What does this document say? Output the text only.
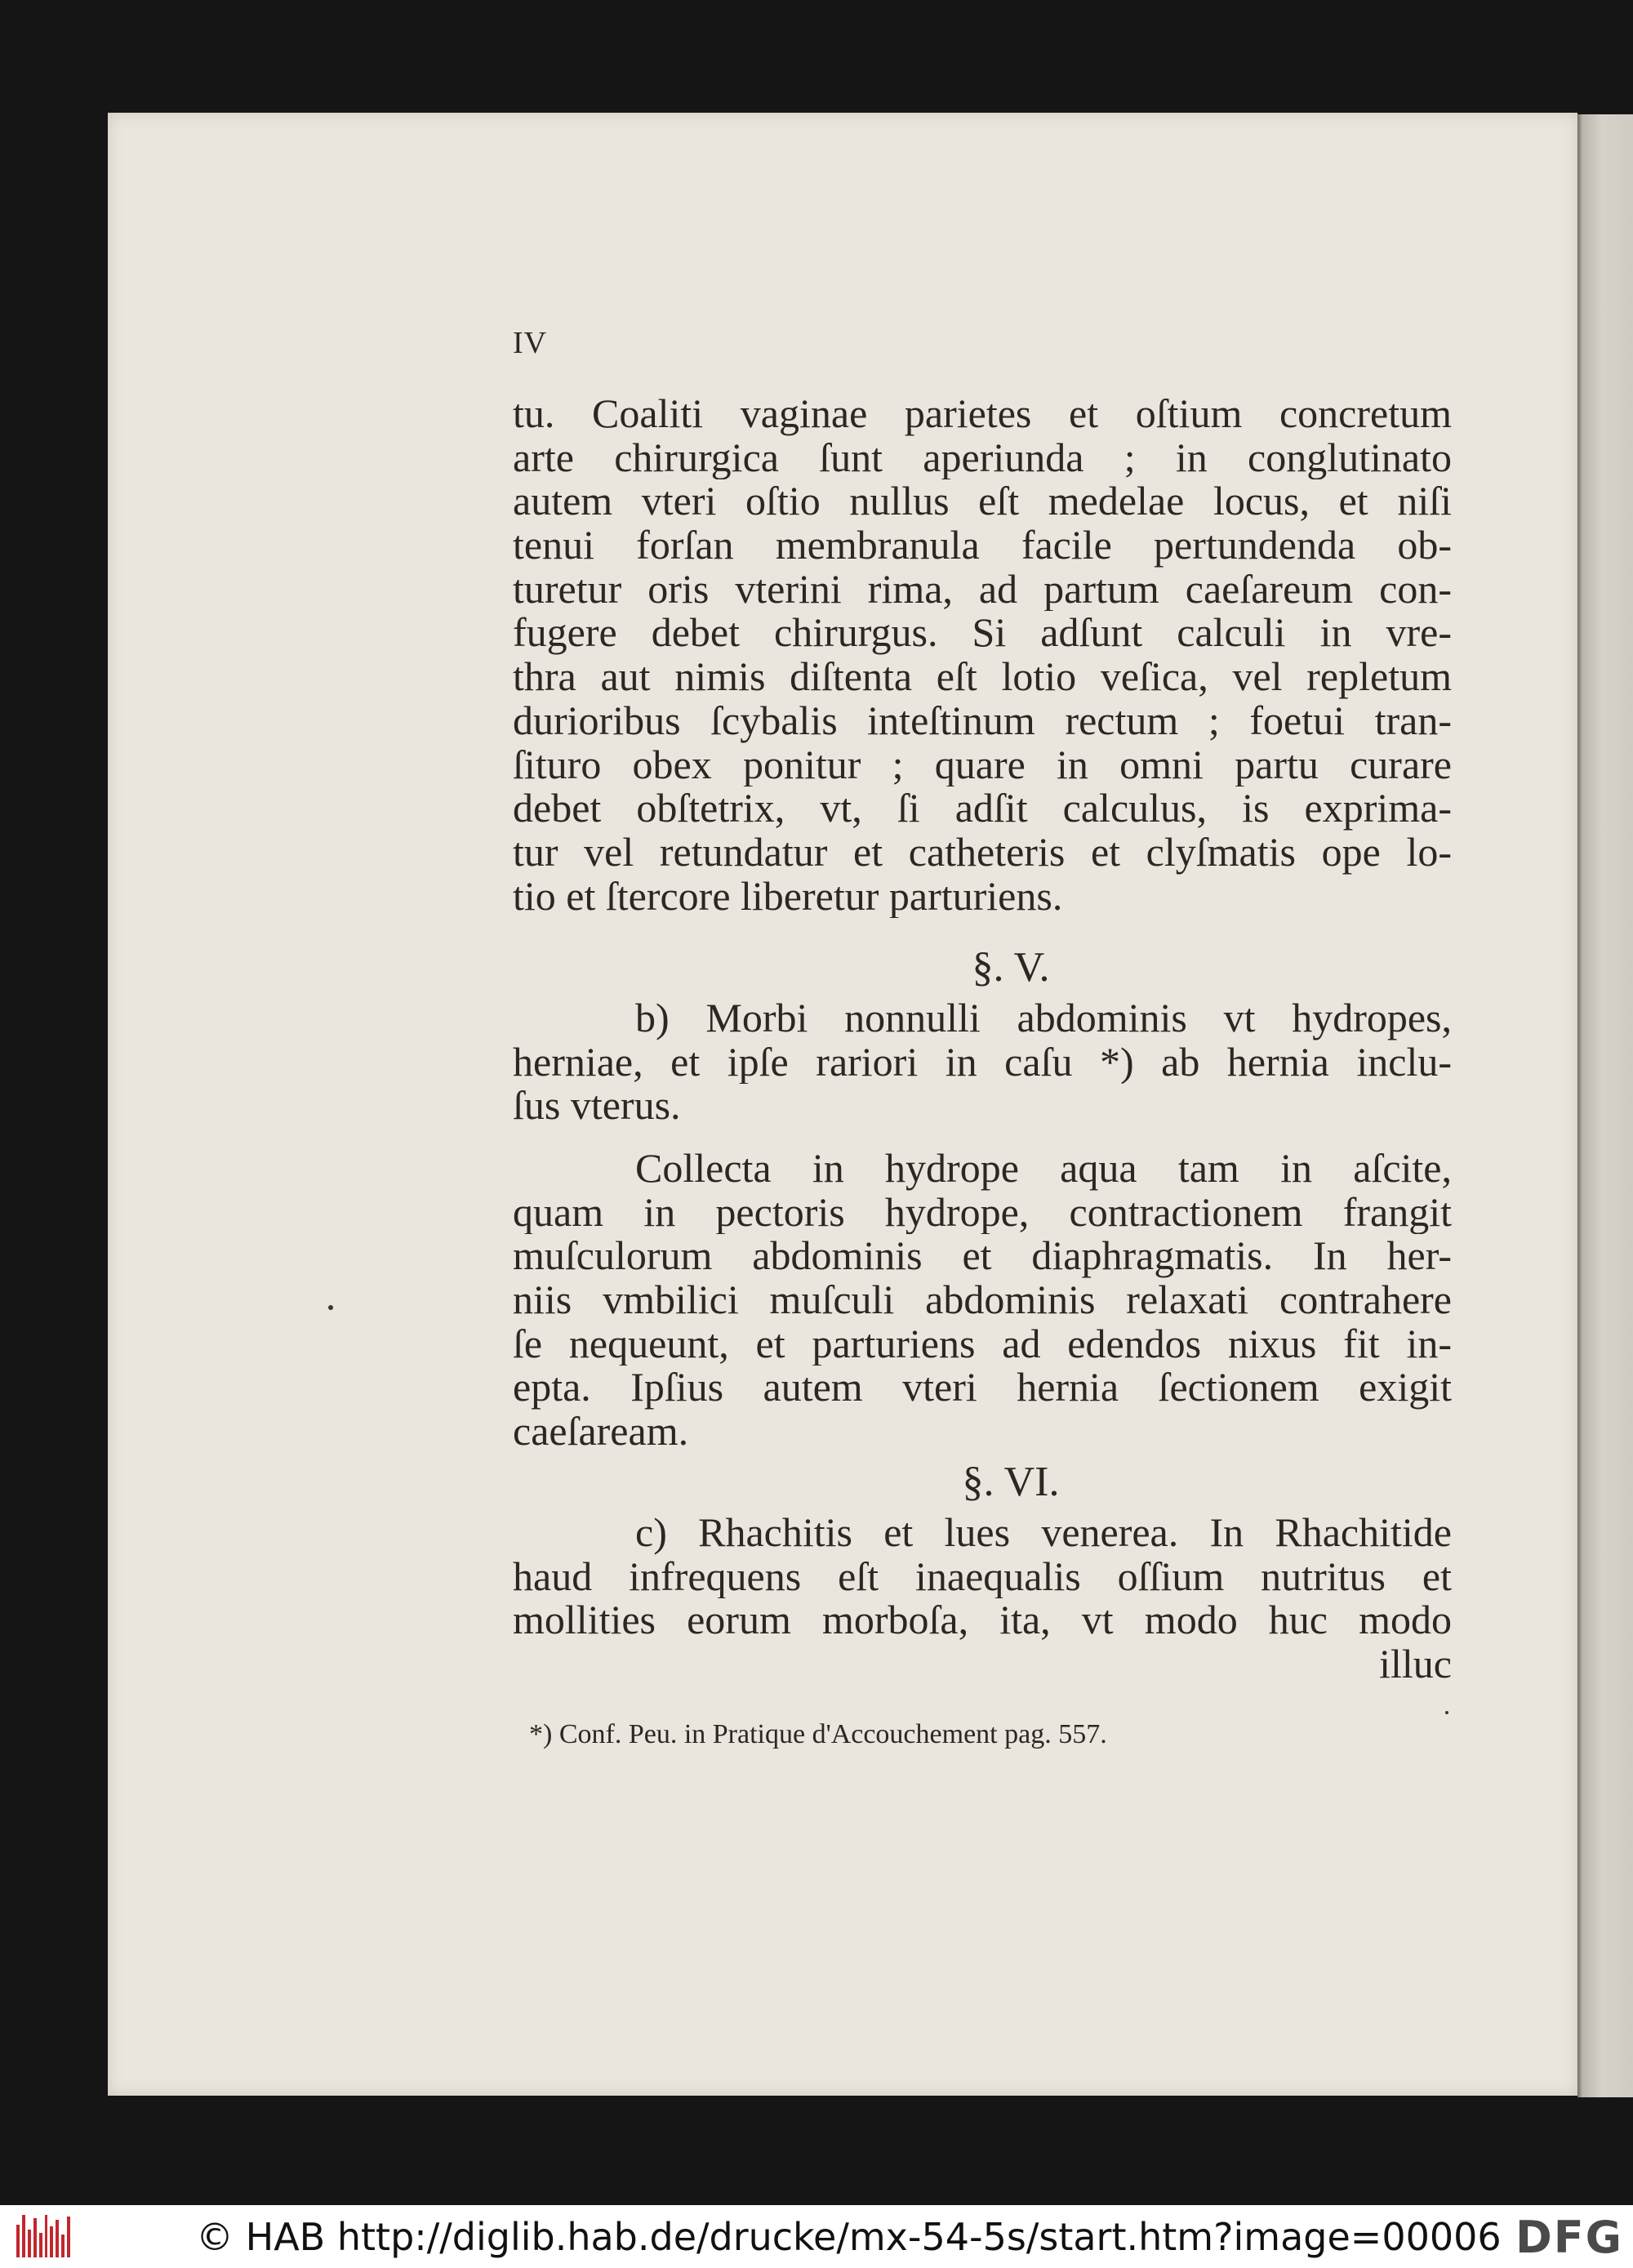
IV
tu. Coaliti vaginae parietes et oſtium concretum
arte chirurgica ſunt aperiunda ; in conglutinato
autem vteri oſtio nullus eſt medelae locus, et niſi
tenui forſan membranula facile pertundenda ob-
turetur oris vterini rima, ad partum caeſareum con-
fugere debet chirurgus. Si adſunt calculi in vre-
thra aut nimis diſtenta eſt lotio veſica, vel repletum
durioribus ſcybalis inteſtinum rectum ; foetui tran-
ſituro obex ponitur ; quare in omni partu curare
debet obſtetrix, vt, ſi adſit calculus, is exprima-
tur vel retundatur et catheteris et clyſmatis ope lo-
tio et ſtercore liberetur parturiens.
§. V.
b) Morbi nonnulli abdominis vt hydropes,
herniae, et ipſe rariori in caſu *) ab hernia inclu-
ſus vterus.
Collecta in hydrope aqua tam in aſcite,
quam in pectoris hydrope, contractionem frangit
muſculorum abdominis et diaphragmatis. In her-
niis vmbilici muſculi abdominis relaxati contrahere
ſe nequeunt, et parturiens ad edendos nixus fit in-
epta. Ipſius autem vteri hernia ſectionem exigit
caeſaream.
§. VI.
c) Rhachitis et lues venerea. In Rhachitide
haud infrequens eſt inaequalis oſſium nutritus et
mollities eorum morboſa, ita, vt modo huc modo
illuc
*) Conf. Peu. in Pratique d'Accouchement pag. 557.
© HAB http://diglib.hab.de/drucke/mx-54-5s/start.htm?image=00006 DFG
